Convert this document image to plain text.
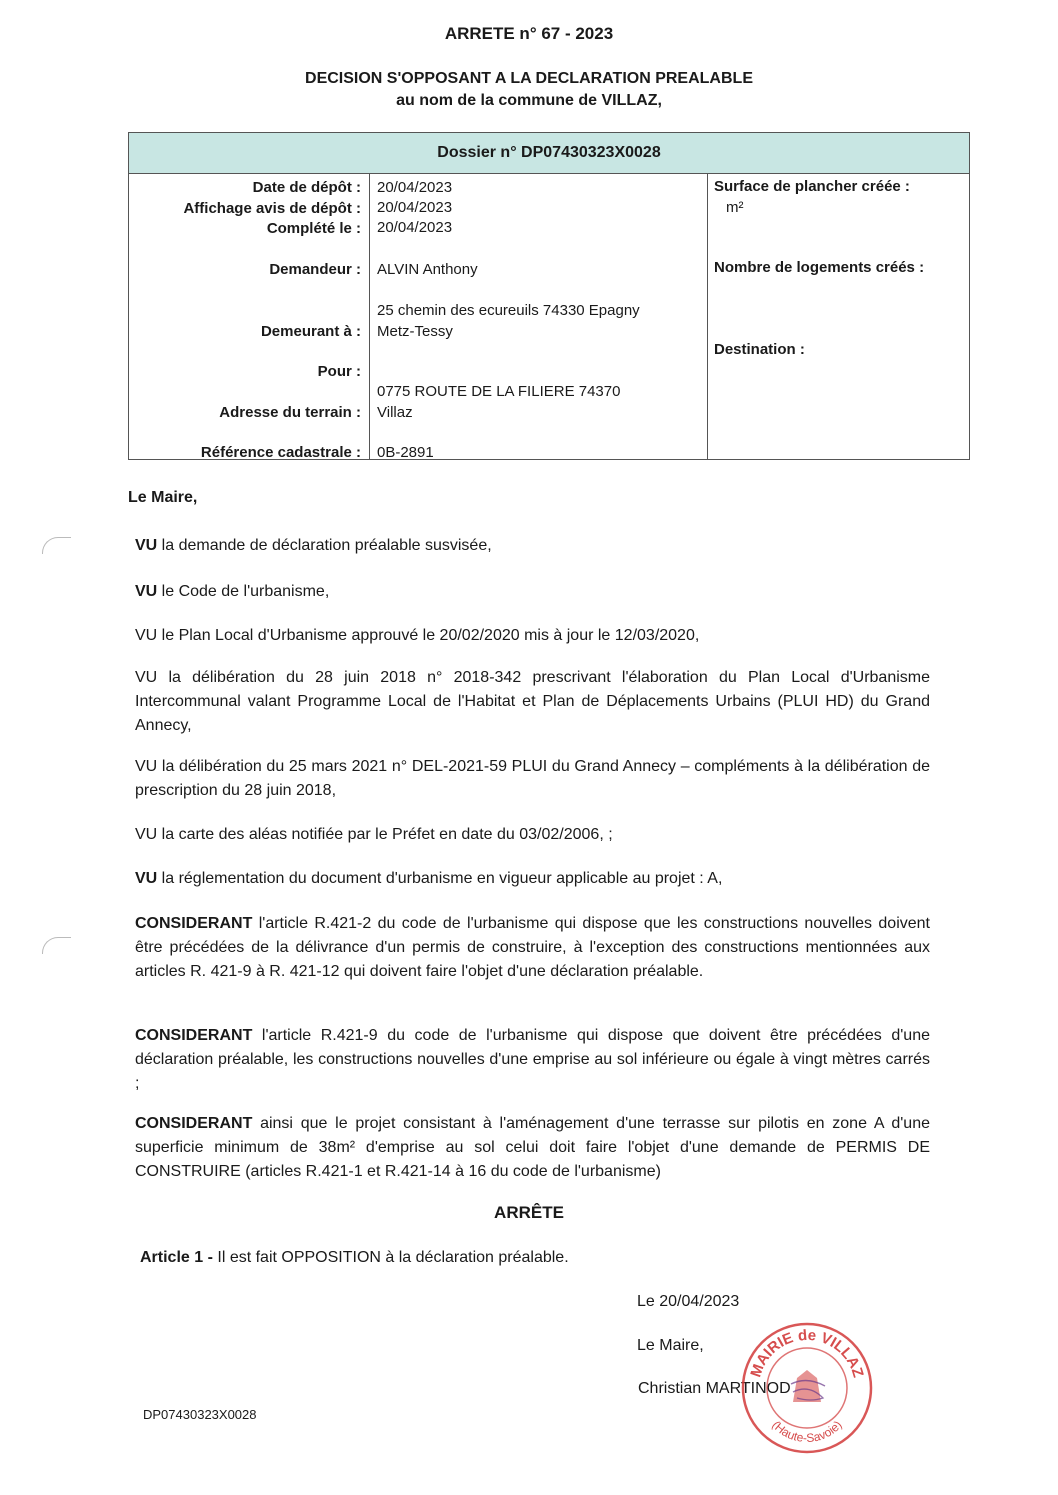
ARRETE n° 67 - 2023
DECISION S'OPPOSANT A LA DECLARATION PREALABLE
au nom de la commune de VILLAZ,
Dossier n° DP07430323X0028
Date de dépôt :
Affichage avis de dépôt :
Complété le :
Demandeur :
Demeurant à :
Pour :
Adresse du terrain :
Référence cadastrale :
20/04/2023
20/04/2023
20/04/2023
ALVIN Anthony
25 chemin des ecureuils 74330 Epagny
Metz-Tessy
0775 ROUTE DE LA FILIERE 74370
Villaz
0B-2891
Surface de plancher créée :
m²
Nombre de logements créés :
Destination :
Le Maire,
VU la demande de déclaration préalable susvisée,
VU le Code de l'urbanisme,
VU le Plan Local d'Urbanisme approuvé le 20/02/2020 mis à jour le 12/03/2020,
VU la délibération du 28 juin 2018 n° 2018-342 prescrivant l'élaboration du Plan Local d'Urbanisme Intercommunal valant Programme Local de l'Habitat et Plan de Déplacements Urbains (PLUI HD) du Grand Annecy,
VU la délibération du 25 mars 2021 n° DEL-2021-59 PLUI du Grand Annecy – compléments à la délibération de prescription du 28 juin 2018,
VU la carte des aléas notifiée par le Préfet en date du 03/02/2006, ;
VU la réglementation du document d'urbanisme en vigueur applicable au projet : A,
CONSIDERANT l'article R.421-2 du code de l'urbanisme qui dispose que les constructions nouvelles doivent être précédées de la délivrance d'un permis de construire, à l'exception des constructions mentionnées aux articles R. 421-9 à R. 421-12 qui doivent faire l'objet d'une déclaration préalable.
CONSIDERANT l'article R.421-9 du code de l'urbanisme qui dispose que doivent être précédées d'une déclaration préalable, les constructions nouvelles d'une emprise au sol inférieure ou égale à vingt mètres carrés ;
CONSIDERANT ainsi que le projet consistant à l'aménagement d'une terrasse sur pilotis en zone A d'une superficie minimum de 38m² d'emprise au sol celui doit faire l'objet d'une demande de PERMIS DE CONSTRUIRE (articles R.421-1 et R.421-14 à 16 du code de l'urbanisme)
ARRÊTE
Article 1 - Il est fait OPPOSITION à la déclaration préalable.
Le 20/04/2023
Le Maire,
Christian MARTINOD
MAIRIE de VILLAZ
(Haute-Savoie)
DP07430323X0028
